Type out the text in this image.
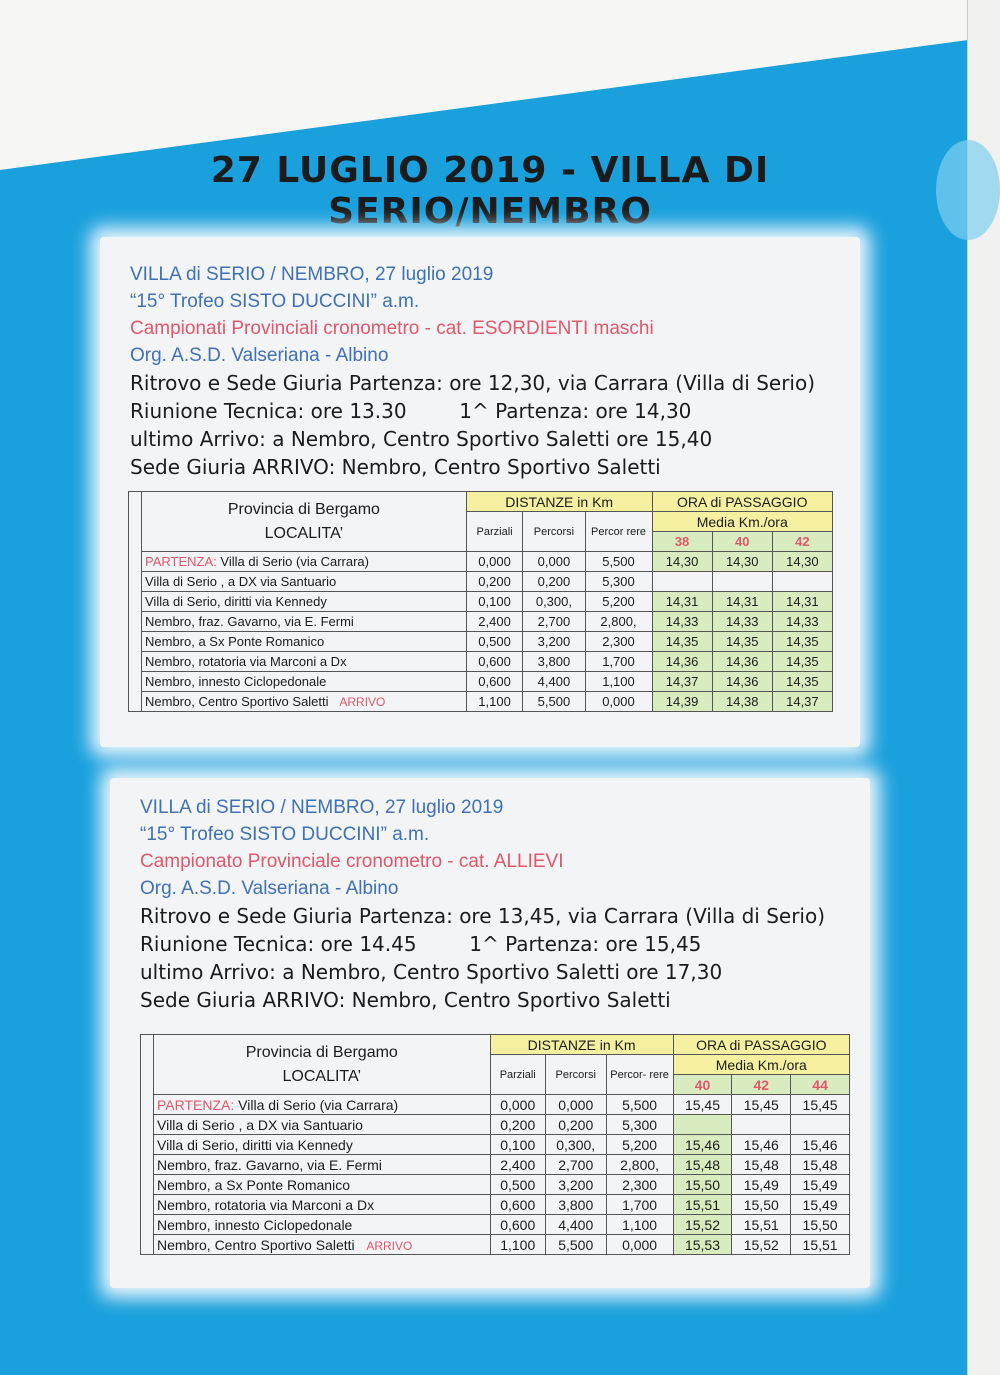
27 LUGLIO 2019 - VILLA DI SERIO/NEMBRO
VILLA di SERIO / NEMBRO, 27 luglio 2019
“15° Trofeo SISTO DUCCINI” a.m.
Campionati Provinciali cronometro - cat. ESORDIENTI maschi
Org. A.S.D. Valseriana - Albino
Ritrovo e Sede Giuria Partenza: ore 12,30, via Carrara (Villa di Serio)
Riunione Tecnica: ore 13.30	1^ Partenza: ore 14,30
ultimo Arrivo: a Nembro, Centro Sportivo Saletti ore 15,40
Sede Giuria ARRIVO: Nembro, Centro Sportivo Saletti
	Provincia di Bergamo
LOCALITA’	DISTANZE in Km			ORA di PASSAGGIO		
		Parziali	Percorsi	Percor rere	Media Km./ora		
					38	40	42
	PARTENZA: Villa di Serio (via Carrara)	0,000	0,000	5,500	14,30	14,30	14,30
	Villa di Serio , a DX via Santuario	0,200	0,200	5,300			
	Villa di Serio, diritti via Kennedy	0,100	0,300,	5,200	14,31	14,31	14,31
	Nembro, fraz. Gavarno, via E. Fermi	2,400	2,700	2,800,	14,33	14,33	14,33
	Nembro, a Sx Ponte Romanico	0,500	3,200	2,300	14,35	14,35	14,35
	Nembro, rotatoria via Marconi a Dx	0,600	3,800	1,700	14,36	14,36	14,35
	Nembro, innesto Ciclopedonale	0,600	4,400	1,100	14,37	14,36	14,35
	Nembro, Centro Sportivo Saletti ARRIVO	1,100	5,500	0,000	14,39	14,38	14,37
VILLA di SERIO / NEMBRO, 27 luglio 2019
“15° Trofeo SISTO DUCCINI” a.m.
Campionato Provinciale cronometro - cat. ALLIEVI
Org. A.S.D. Valseriana - Albino
Ritrovo e Sede Giuria Partenza: ore 13,45, via Carrara (Villa di Serio)
Riunione Tecnica: ore 14.45	1^ Partenza: ore 15,45
ultimo Arrivo: a Nembro, Centro Sportivo Saletti ore 17,30
Sede Giuria ARRIVO: Nembro, Centro Sportivo Saletti
	Provincia di Bergamo
LOCALITA’	DISTANZE in Km			ORA di PASSAGGIO		
		Parziali	Percorsi	Percor- rere	Media Km./ora		
					40	42	44
	PARTENZA: Villa di Serio (via Carrara)	0,000	0,000	5,500	15,45	15,45	15,45
	Villa di Serio , a DX via Santuario	0,200	0,200	5,300			
	Villa di Serio, diritti via Kennedy	0,100	0,300,	5,200	15,46	15,46	15,46
	Nembro, fraz. Gavarno, via E. Fermi	2,400	2,700	2,800,	15,48	15,48	15,48
	Nembro, a Sx Ponte Romanico	0,500	3,200	2,300	15,50	15,49	15,49
	Nembro, rotatoria via Marconi a Dx	0,600	3,800	1,700	15,51	15,50	15,49
	Nembro, innesto Ciclopedonale	0,600	4,400	1,100	15,52	15,51	15,50
	Nembro, Centro Sportivo Saletti ARRIVO	1,100	5,500	0,000	15,53	15,52	15,51
